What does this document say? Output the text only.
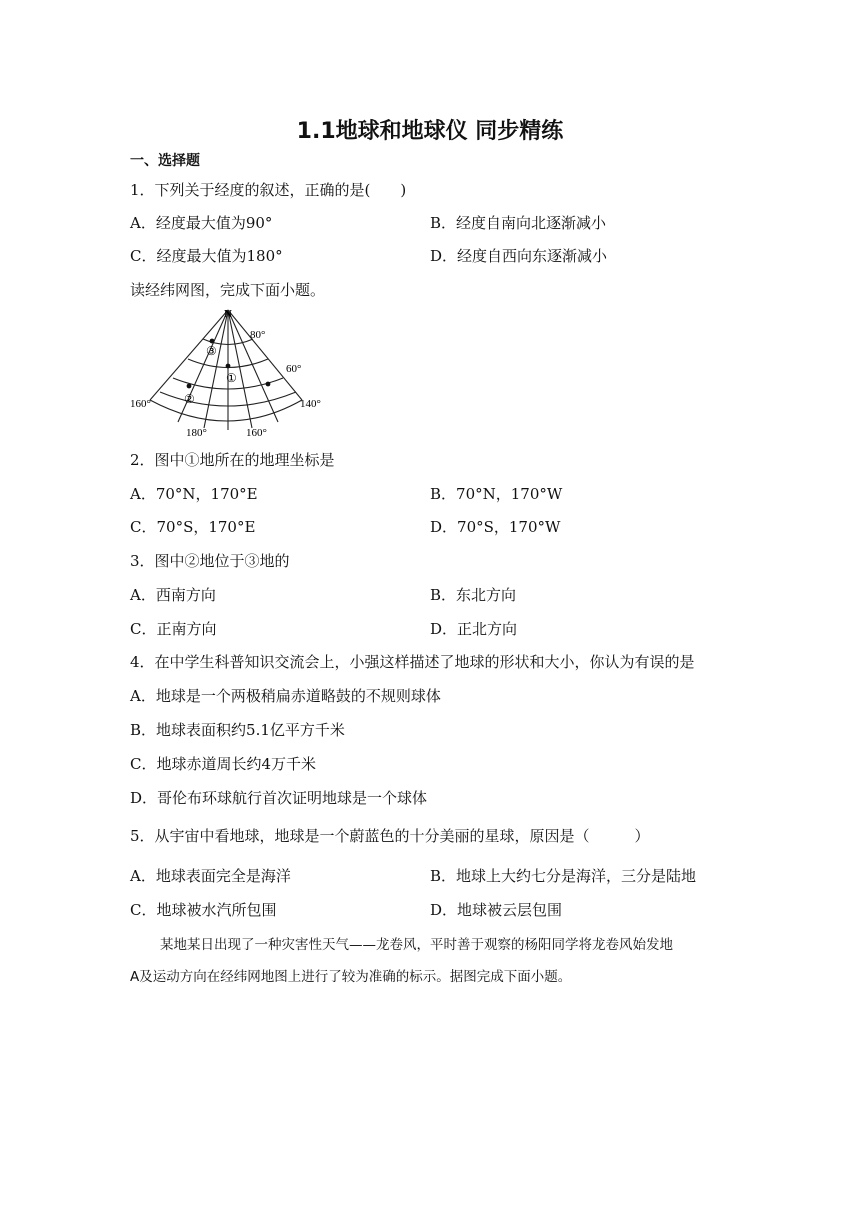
1.1地球和地球仪 同步精练
一、选择题
1．下列关于经度的叙述，正确的是(　　)
A．经度最大值为90°	B．经度自南向北逐渐减小
C．经度最大值为180°	D．经度自西向东逐渐减小
读经纬网图，完成下面小题。
N
80°
60°
③
①
②
160°	140°
180°	160°
2．图中①地所在的地理坐标是
A．70°N，170°E	B．70°N，170°W
C．70°S，170°E	D．70°S，170°W
3．图中②地位于③地的
A．西南方向	B．东北方向
C．正南方向	D．正北方向
4．在中学生科普知识交流会上，小强这样描述了地球的形状和大小，你认为有误的是
A．地球是一个两极稍扁赤道略鼓的不规则球体
B．地球表面积约5.1亿平方千米
C．地球赤道周长约4万千米
D．哥伦布环球航行首次证明地球是一个球体
5．从宇宙中看地球，地球是一个蔚蓝色的十分美丽的星球，原因是（　　　）
A．地球表面完全是海洋	B．地球上大约七分是海洋，三分是陆地
C．地球被水汽所包围	D．地球被云层包围
某地某日出现了一种灾害性天气——龙卷风，平时善于观察的杨阳同学将龙卷风始发地
A及运动方向在经纬网地图上进行了较为准确的标示。据图完成下面小题。
